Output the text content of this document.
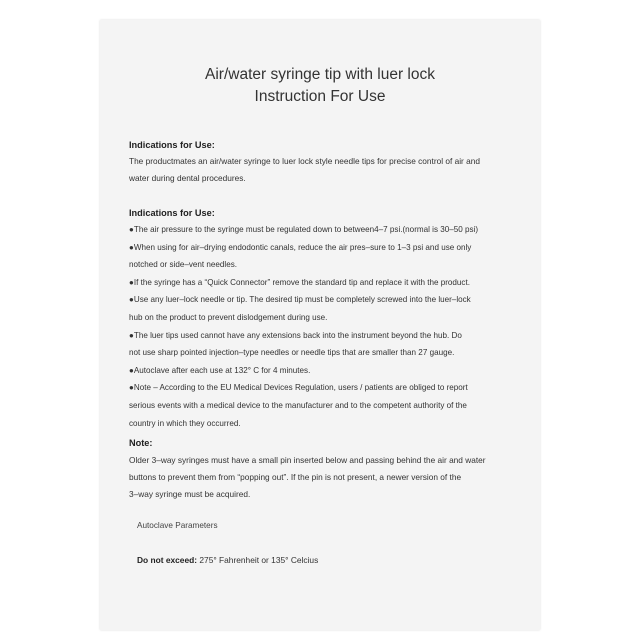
Air/water syringe tip with luer lock
Instruction For Use
Indications for Use:
The productmates an air/water syringe to luer lock style needle tips for precise control of air and
water during dental procedures.
Indications for Use:
●The air pressure to the syringe must be regulated down to between4–7 psi.(normal is 30–50 psi)
●When using for air–drying endodontic canals, reduce the air pres–sure to 1–3 psi and use only
notched or side–vent needles.
●If the syringe has a “Quick Connector” remove the standard tip and replace it with the product.
●Use any luer–lock needle or tip. The desired tip must be completely screwed into the luer–lock
hub on the product to prevent dislodgement during use.
●The luer tips used cannot have any extensions back into the instrument beyond the hub. Do
not use sharp pointed injection–type needles or needle tips that are smaller than 27 gauge.
●Autoclave after each use at 132° C for 4 minutes.
●Note – According to the EU Medical Devices Regulation, users / patients are obliged to report
serious events with a medical device to the manufacturer and to the competent authority of the
country in which they occurred.
Note:
Older 3–way syringes must have a small pin inserted below and passing behind the air and water
buttons to prevent them from “popping out”. If the pin is not present, a newer version of the
3–way syringe must be acquired.
Autoclave Parameters
Do not exceed: 275° Fahrenheit or 135° Celcius
